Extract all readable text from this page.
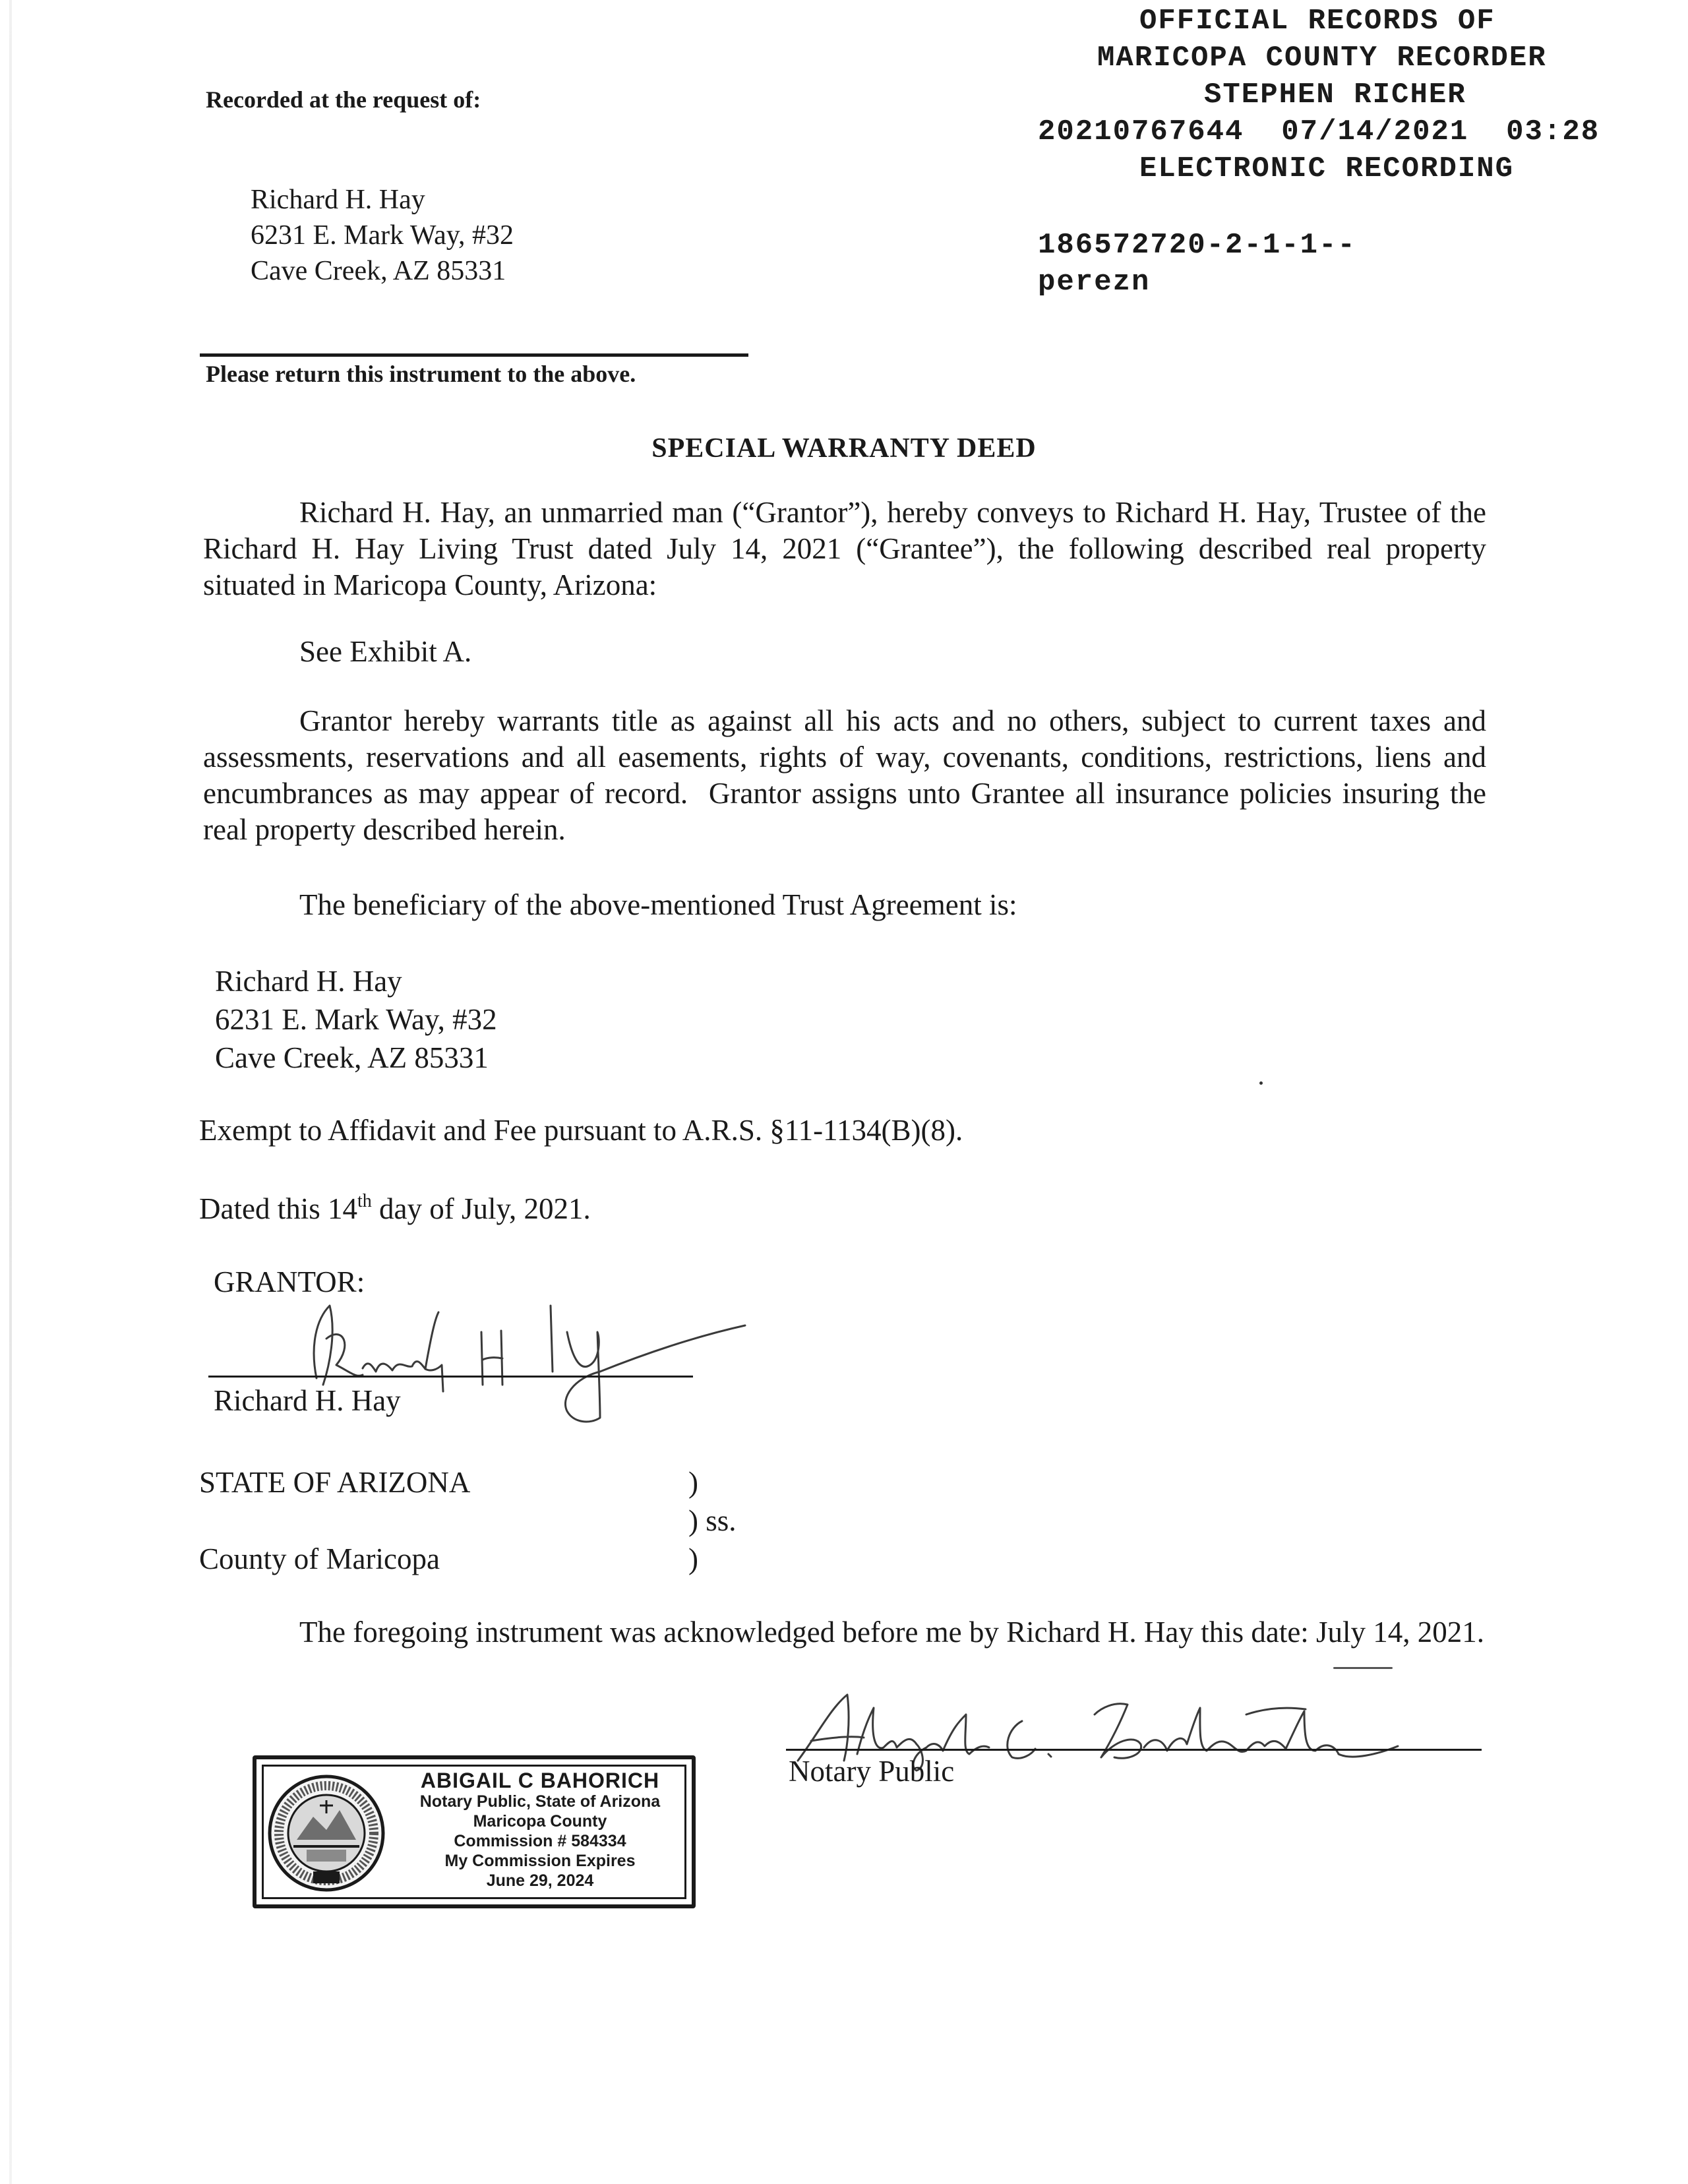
Recorded at the request of:
Richard H. Hay
6231 E. Mark Way, #32
Cave Creek, AZ 85331
Please return this instrument to the above.
OFFICIAL RECORDS OF
MARICOPA COUNTY RECORDER
STEPHEN RICHER
20210767644  07/14/2021  03:28
ELECTRONIC RECORDING
186572720-2-1-1--
perezn
SPECIAL WARRANTY DEED
Richard H. Hay, an unmarried man (“Grantor”), hereby conveys to Richard H. Hay, Trustee of the Richard H. Hay Living Trust dated July 14, 2021 (“Grantee”), the following described real property situated in Maricopa County, Arizona:
See Exhibit A.
Grantor hereby warrants title as against all his acts and no others, subject to current taxes and assessments, reservations and all easements, rights of way, covenants, conditions, restrictions, liens and encumbrances as may appear of record.  Grantor assigns unto Grantee all insurance policies insuring the real property described herein.
The beneficiary of the above-mentioned Trust Agreement is:
Richard H. Hay
6231 E. Mark Way, #32
Cave Creek, AZ 85331
Exempt to Affidavit and Fee pursuant to A.R.S. §11-1134(B)(8).
Dated this 14th day of July, 2021.
GRANTOR:
Richard H. Hay
STATE OF ARIZONA	)
) ss.
County of Maricopa	)
The foregoing instrument was acknowledged before me by Richard H. Hay this date: July 14, 2021.
Notary Public
ABIGAIL C BAHORICH
Notary Public, State of Arizona
Maricopa County
Commission # 584334
My Commission Expires
June 29, 2024
